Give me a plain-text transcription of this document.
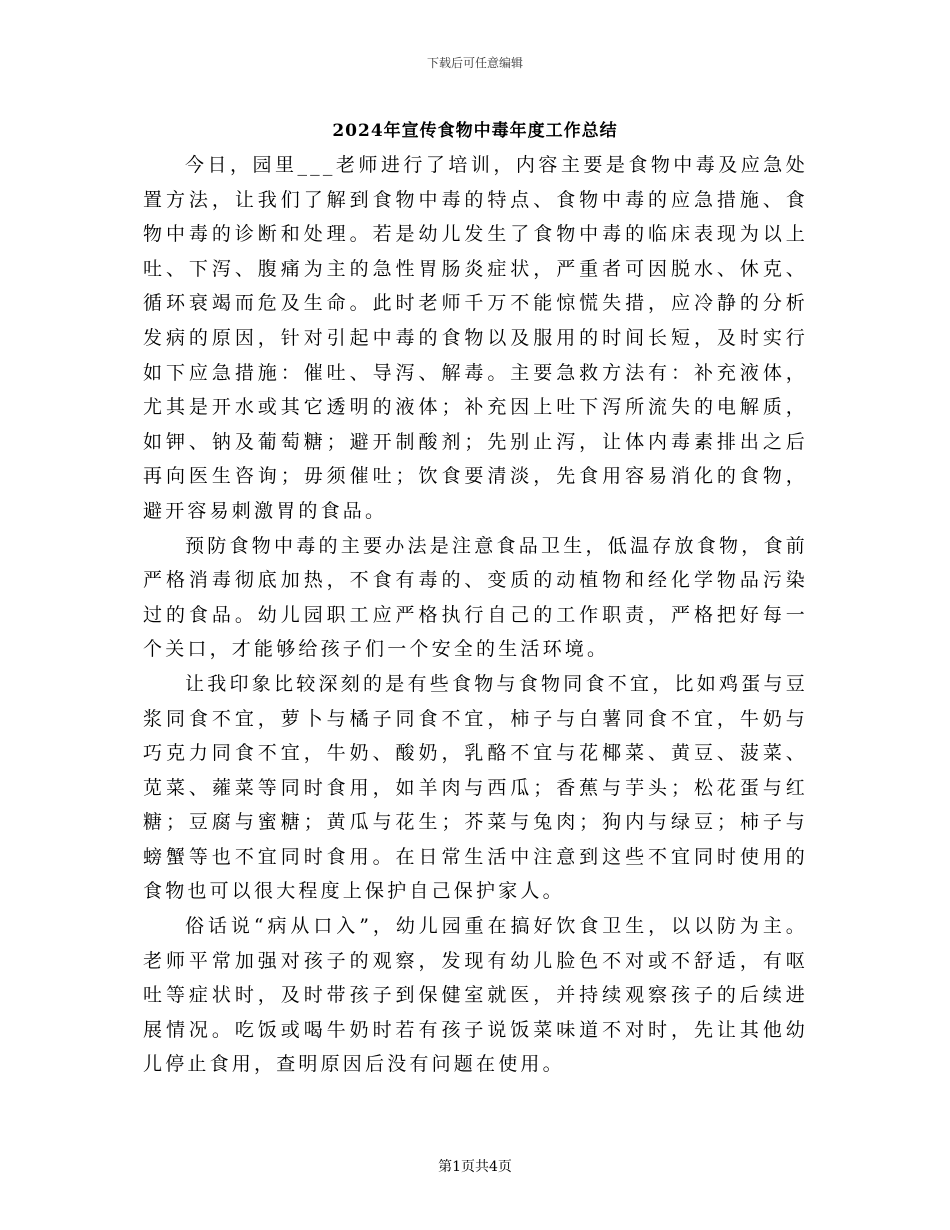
下载后可任意编辑
2024年宣传食物中毒年度工作总结

今日，园里___老师进行了培训，内容主要是食物中毒及应急处置方法，让我们了解到食物中毒的特点、食物中毒的应急措施、食物中毒的诊断和处理。若是幼儿发生了食物中毒的临床表现为以上吐、下泻、腹痛为主的急性胃肠炎症状，严重者可因脱水、休克、循环衰竭而危及生命。此时老师千万不能惊慌失措，应冷静的分析发病的原因，针对引起中毒的食物以及服用的时间长短，及时实行如下应急措施：催吐、导泻、解毒。主要急救方法有：补充液体，尤其是开水或其它透明的液体；补充因上吐下泻所流失的电解质，如钾、钠及葡萄糖；避开制酸剂；先别止泻，让体内毒素排出之后再向医生咨询；毋须催吐；饮食要清淡，先食用容易消化的食物，避开容易刺激胃的食品。

预防食物中毒的主要办法是注意食品卫生，低温存放食物，食前严格消毒彻底加热，不食有毒的、变质的动植物和经化学物品污染过的食品。幼儿园职工应严格执行自己的工作职责，严格把好每一个关口，才能够给孩子们一个安全的生活环境。

让我印象比较深刻的是有些食物与食物同食不宜，比如鸡蛋与豆浆同食不宜，萝卜与橘子同食不宜，柿子与白薯同食不宜，牛奶与巧克力同食不宜，牛奶、酸奶，乳酪不宜与花椰菜、黄豆、菠菜、苋菜、蕹菜等同时食用，如羊肉与西瓜；香蕉与芋头；松花蛋与红糖；豆腐与蜜糖；黄瓜与花生；芥菜与兔肉；狗内与绿豆；柿子与螃蟹等也不宜同时食用。在日常生活中注意到这些不宜同时使用的食物也可以很大程度上保护自己保护家人。

俗话说“病从口入”，幼儿园重在搞好饮食卫生，以以防为主。老师平常加强对孩子的观察，发现有幼儿脸色不对或不舒适，有呕吐等症状时，及时带孩子到保健室就医，并持续观察孩子的后续进展情况。吃饭或喝牛奶时若有孩子说饭菜味道不对时，先让其他幼儿停止食用，查明原因后没有问题在使用。

第1页共4页
